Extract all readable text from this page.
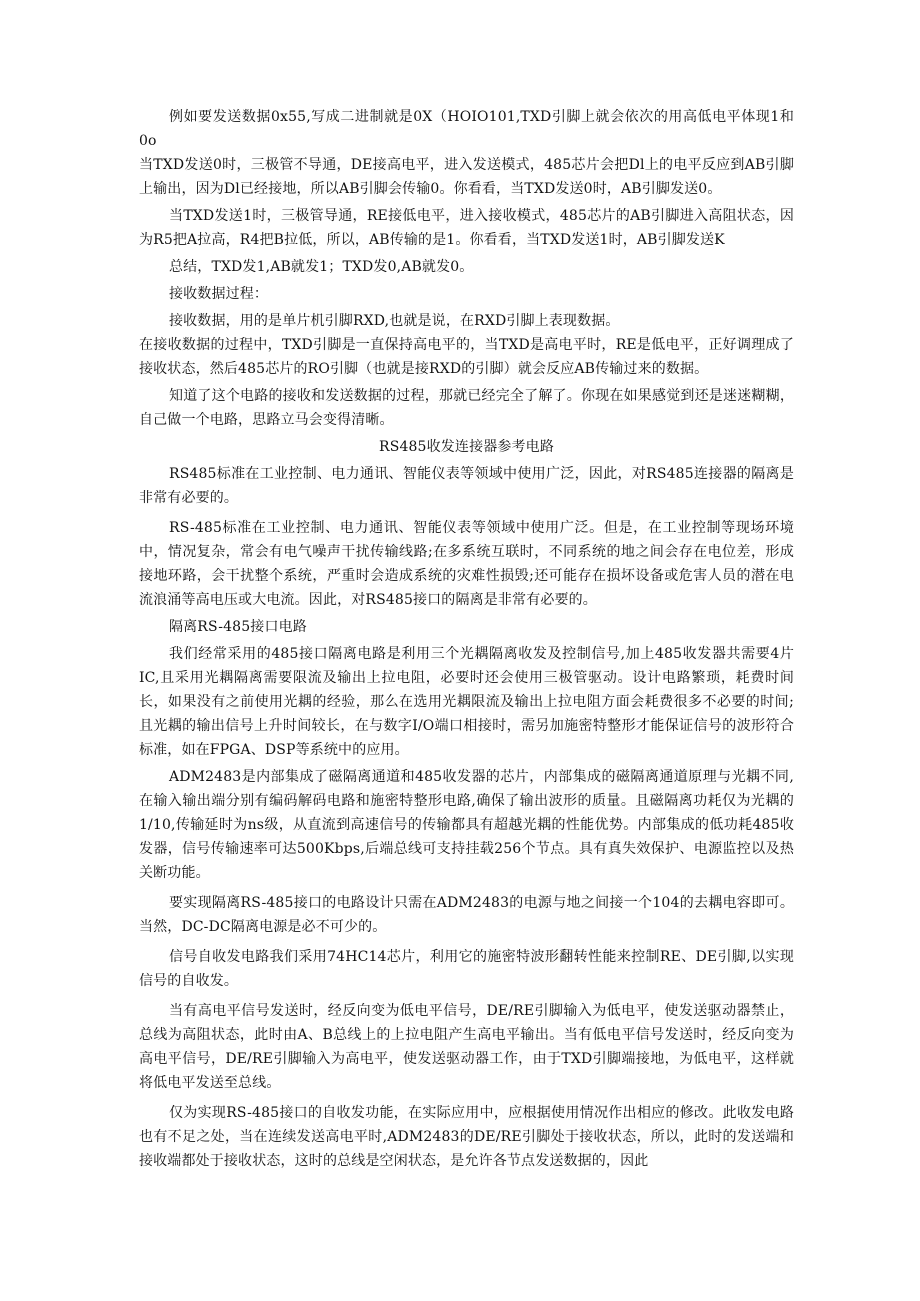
例如要发送数据0x55,写成二进制就是0X（HOIO101,TXD引脚上就会依次的用高低电平体现1和0o

当TXD发送0时，三极管不导通，DE接高电平，进入发送模式，485芯片会把Dl上的电平反应到AB引脚上输出，因为Dl已经接地，所以AB引脚会传输0。你看看，当TXD发送0时，AB引脚发送0。

当TXD发送1时，三极管导通，RE接低电平，进入接收模式，485芯片的AB引脚进入高阻状态，因为R5把A拉高，R4把B拉低，所以，AB传输的是1。你看看，当TXD发送1时，AB引脚发送K

总结，TXD发1,AB就发1；TXD发0,AB就发0。

接收数据过程：

接收数据，用的是单片机引脚RXD,也就是说，在RXD引脚上表现数据。

在接收数据的过程中，TXD引脚是一直保持高电平的，当TXD是高电平时，RE是低电平，正好调理成了接收状态，然后485芯片的RO引脚（也就是接RXD的引脚）就会反应AB传输过来的数据。

知道了这个电路的接收和发送数据的过程，那就已经完全了解了。你现在如果感觉到还是迷迷糊糊，自己做一个电路，思路立马会变得清晰。

RS485收发连接器参考电路

RS485标准在工业控制、电力通讯、智能仪表等领域中使用广泛，因此，对RS485连接器的隔离是非常有必要的。

RS-485标准在工业控制、电力通讯、智能仪表等领域中使用广泛。但是，在工业控制等现场环境中，情况复杂，常会有电气噪声干扰传输线路;在多系统互联时，不同系统的地之间会存在电位差，形成接地环路，会干扰整个系统，严重时会造成系统的灾难性损毁;还可能存在损坏设备或危害人员的潜在电流浪涌等高电压或大电流。因此，对RS485接口的隔离是非常有必要的。

隔离RS-485接口电路

我们经常采用的485接口隔离电路是利用三个光耦隔离收发及控制信号,加上485收发器共需要4片IC,且采用光耦隔离需要限流及输出上拉电阻，必要时还会使用三极管驱动。设计电路繁琐，耗费时间长，如果没有之前使用光耦的经验，那么在选用光耦限流及输出上拉电阻方面会耗费很多不必要的时间;且光耦的输出信号上升时间较长，在与数字I/O端口相接时，需另加施密特整形才能保证信号的波形符合标准，如在FPGA、DSP等系统中的应用。

ADM2483是内部集成了磁隔离通道和485收发器的芯片，内部集成的磁隔离通道原理与光耦不同,在输入输出端分别有编码解码电路和施密特整形电路,确保了输出波形的质量。且磁隔离功耗仅为光耦的1/10,传输延时为ns级，从直流到高速信号的传输都具有超越光耦的性能优势。内部集成的低功耗485收发器，信号传输速率可达500Kbps,后端总线可支持挂载256个节点。具有真失效保护、电源监控以及热关断功能。

要实现隔离RS-485接口的电路设计只需在ADM2483的电源与地之间接一个104的去耦电容即可。当然，DC-DC隔离电源是必不可少的。

信号自收发电路我们采用74HC14芯片，利用它的施密特波形翻转性能来控制RE、DE引脚,以实现信号的自收发。

当有高电平信号发送时，经反向变为低电平信号，DE/RE引脚输入为低电平，使发送驱动器禁止，总线为高阻状态，此时由A、B总线上的上拉电阻产生高电平输出。当有低电平信号发送时，经反向变为高电平信号，DE/RE引脚输入为高电平，使发送驱动器工作，由于TXD引脚端接地，为低电平，这样就将低电平发送至总线。

仅为实现RS-485接口的自收发功能，在实际应用中，应根据使用情况作出相应的修改。此收发电路也有不足之处，当在连续发送高电平时,ADM2483的DE/RE引脚处于接收状态，所以，此时的发送端和接收端都处于接收状态，这时的总线是空闲状态，是允许各节点发送数据的，因此
